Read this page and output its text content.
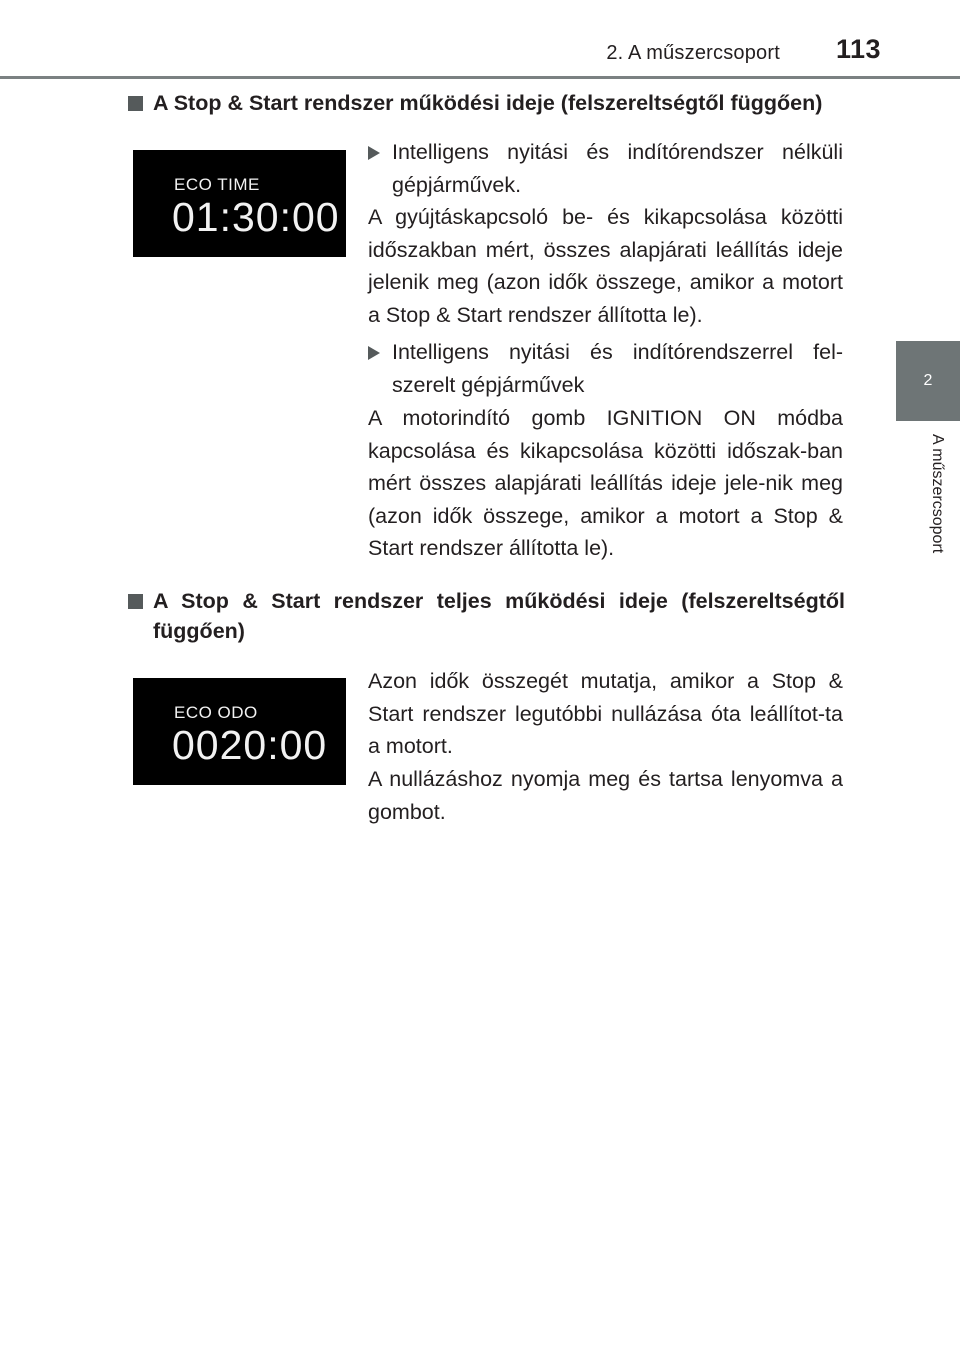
2. A műszercsoport 113
2
A műszercsoport
A Stop & Start rendszer működési ideje (felszereltségtől függően)
ECO TIME
01:30:00
Intelligens nyitási és indítórendszer nélküli gépjárművek.

A gyújtáskapcsoló be- és kikapcsolása közötti időszakban mért, összes alapjárati leállítás ideje jelenik meg (azon idők összege, amikor a motort a Stop & Start rendszer állította le).

Intelligens nyitási és indítórendszerrel fel-szerelt gépjárművek

A motorindító gomb IGNITION ON módba kapcsolása és kikapcsolása közötti időszak-ban mért összes alapjárati leállítás ideje jele-nik meg (azon idők összege, amikor a motort a Stop & Start rendszer állította le).

A Stop & Start rendszer teljes működési ideje (felszereltségtől függően)
ECO ODO
0020:00

Azon idők összegét mutatja, amikor a Stop & Start rendszer legutóbbi nullázása óta leállítot-ta a motort.

A nullázáshoz nyomja meg és tartsa lenyomva a gombot.
